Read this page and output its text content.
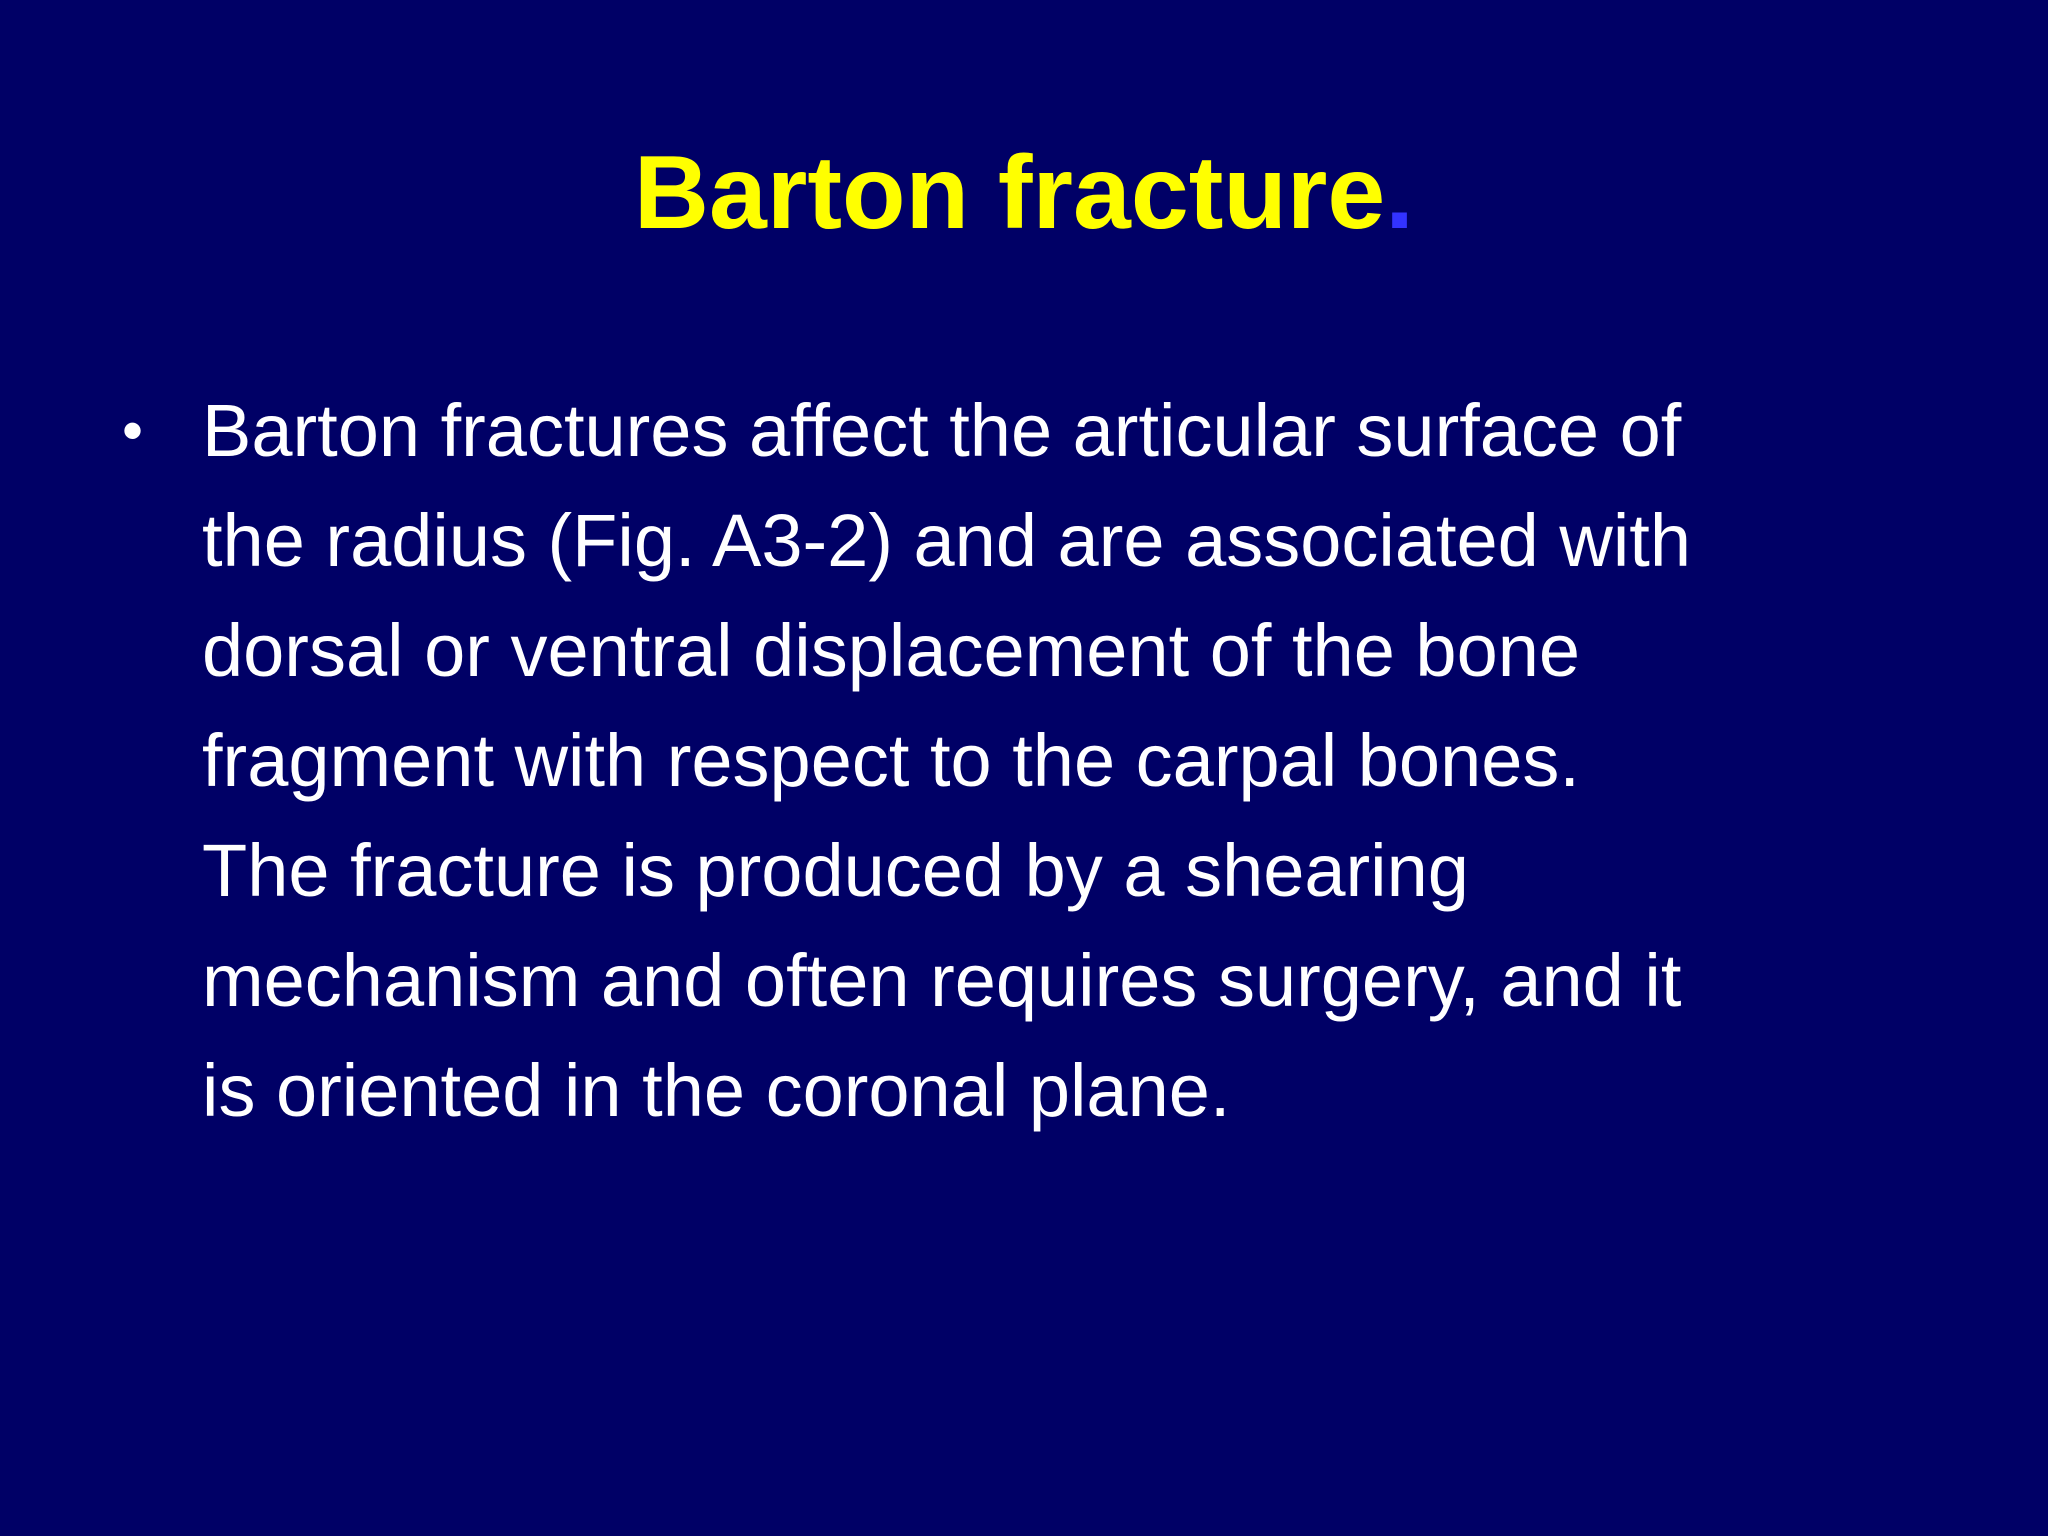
Barton fracture.
• Barton fractures affect the articular surface of
the radius (Fig. A3-2) and are associated with
dorsal or ventral displacement of the bone
fragment with respect to the carpal bones.
The fracture is produced by a shearing
mechanism and often requires surgery, and it
is oriented in the coronal plane.
